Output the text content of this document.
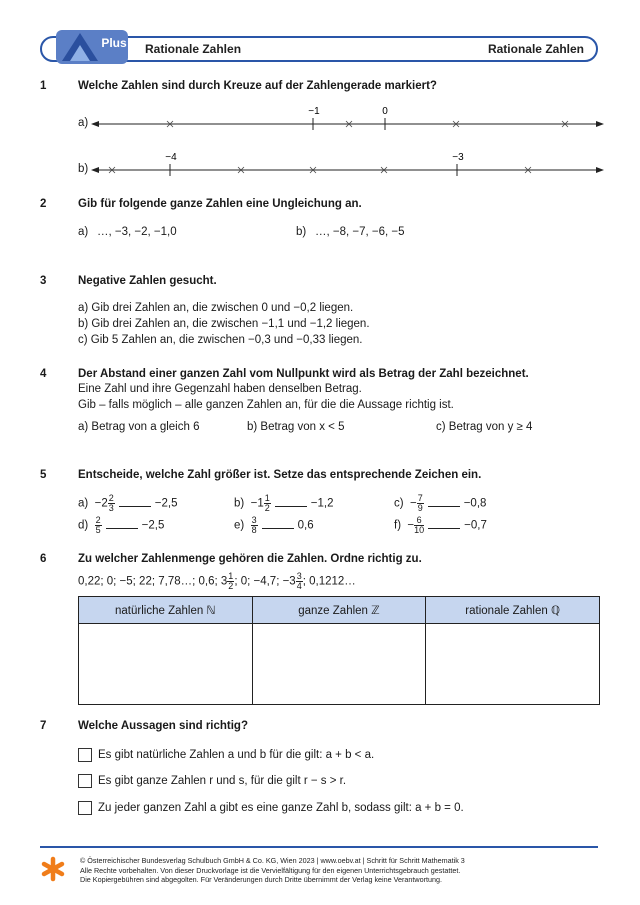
Plus Rationale Zahlen	Rationale Zahlen
1	Welche Zahlen sind durch Kreuze auf der Zahlengerade markiert?
a)
−1	0
b)
−4	−3
2	Gib für folgende ganze Zahlen eine Ungleichung an.
a) …, −3, −2, −1,0	b) …, −8, −7, −6, −5
3	Negative Zahlen gesucht.
a) Gib drei Zahlen an, die zwischen 0 und −0,2 liegen.
b) Gib drei Zahlen an, die zwischen −1,1 und −1,2 liegen.
c) Gib 5 Zahlen an, die zwischen −0,3 und −0,33 liegen.
4	Der Abstand einer ganzen Zahl vom Nullpunkt wird als Betrag der Zahl bezeichnet.
Eine Zahl und ihre Gegenzahl haben denselben Betrag.
Gib – falls möglich – alle ganzen Zahlen an, für die die Aussage richtig ist.
a) Betrag von a gleich 6	b) Betrag von x < 5	c) Betrag von y ≥ 4
5	Entscheide, welche Zahl größer ist. Setze das entsprechende Zeichen ein.
$a) -2 \frac{2}{3}$	−2,5	$b) -1 \frac{1}{2}$	−1,2	$c) - \frac{7}{9}$	−0,8
$d) \frac{2}{5}$	−2,5	$e) \frac{3}{8}$	0,6	$f) - \frac{6}{10}$	−0,7
6	Zu welcher Zahlenmenge gehören die Zahlen. Ordne richtig zu.
0,22; 0; −5; 22; 7,78…; 0,6; $3 \frac{1}{2}$ ; 0; −4,7; $-3 \frac{3}{4}$ ; 0,1212…
natürliche Zahlen ℕ	ganze Zahlen ℤ	rationale Zahlen ℚ

7	Welche Aussagen sind richtig?
Es gibt natürliche Zahlen a und b für die gilt: a + b < a.
Es gibt ganze Zahlen r und s, für die gilt r − s > r.
Zu jeder ganzen Zahl a gibt es eine ganze Zahl b, sodass gilt: a + b = 0.
© Österreichischer Bundesverlag Schulbuch GmbH & Co. KG, Wien 2023 | www.oebv.at | Schritt für Schritt Mathematik 3
Alle Rechte vorbehalten. Von dieser Druckvorlage ist die Vervielfältigung für den eigenen Unterrichtsgebrauch gestattet.
Die Kopiergebühren sind abgegolten. Für Veränderungen durch Dritte übernimmt der Verlag keine Verantwortung.
